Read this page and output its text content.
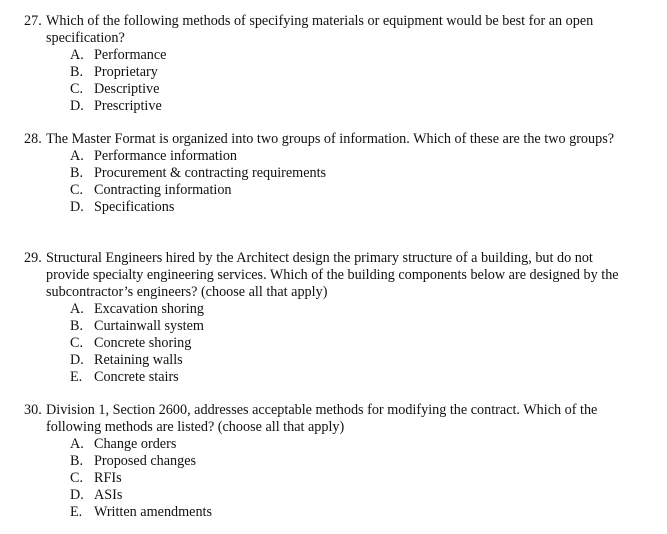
27. Which of the following methods of specifying materials or equipment would be best for an open specification?
A. Performance
B. Proprietary
C. Descriptive
D. Prescriptive
28. The Master Format is organized into two groups of information. Which of these are the two groups?
A. Performance information
B. Procurement & contracting requirements
C. Contracting information
D. Specifications
29. Structural Engineers hired by the Architect design the primary structure of a building, but do not provide specialty engineering services. Which of the building components below are designed by the subcontractor’s engineers? (choose all that apply)
A. Excavation shoring
B. Curtainwall system
C. Concrete shoring
D. Retaining walls
E. Concrete stairs
30. Division 1, Section 2600, addresses acceptable methods for modifying the contract. Which of the following methods are listed? (choose all that apply)
A. Change orders
B. Proposed changes
C. RFIs
D. ASIs
E. Written amendments
